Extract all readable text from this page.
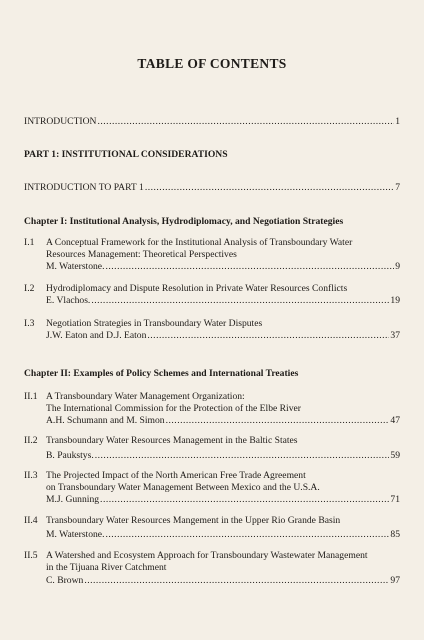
TABLE OF CONTENTS
INTRODUCTION .....	1
PART 1: INSTITUTIONAL CONSIDERATIONS
INTRODUCTION TO PART 1 .....	7
Chapter I: Institutional Analysis, Hydrodiplomacy, and Negotiation Strategies
I.1 A Conceptual Framework for the Institutional Analysis of Transboundary Water
Resources Management: Theoretical Perspectives
M. Waterstone. .....	9
I.2 Hydrodiplomacy and Dispute Resolution in Private Water Resources Conflicts
E. Vlachos. .....	19
I.3 Negotiation Strategies in Transboundary Water Disputes
J.W. Eaton and D.J. Eaton .....	37
Chapter II: Examples of Policy Schemes and International Treaties
II.1 A Transboundary Water Management Organization:
The International Commission for the Protection of the Elbe River
A.H. Schumann and M. Simon .....	47
II.2 Transboundary Water Resources Management in the Baltic States
B. Paukstys. .....	59
II.3 The Projected Impact of the North American Free Trade Agreement
on Transboundary Water Management Between Mexico and the U.S.A.
M.J. Gunning .....	71
II.4 Transboundary Water Resources Mangement in the Upper Rio Grande Basin
M. Waterstone. .....	85
II.5 A Watershed and Ecosystem Approach for Transboundary Wastewater Management
in the Tijuana River Catchment
C. Brown .....	97
